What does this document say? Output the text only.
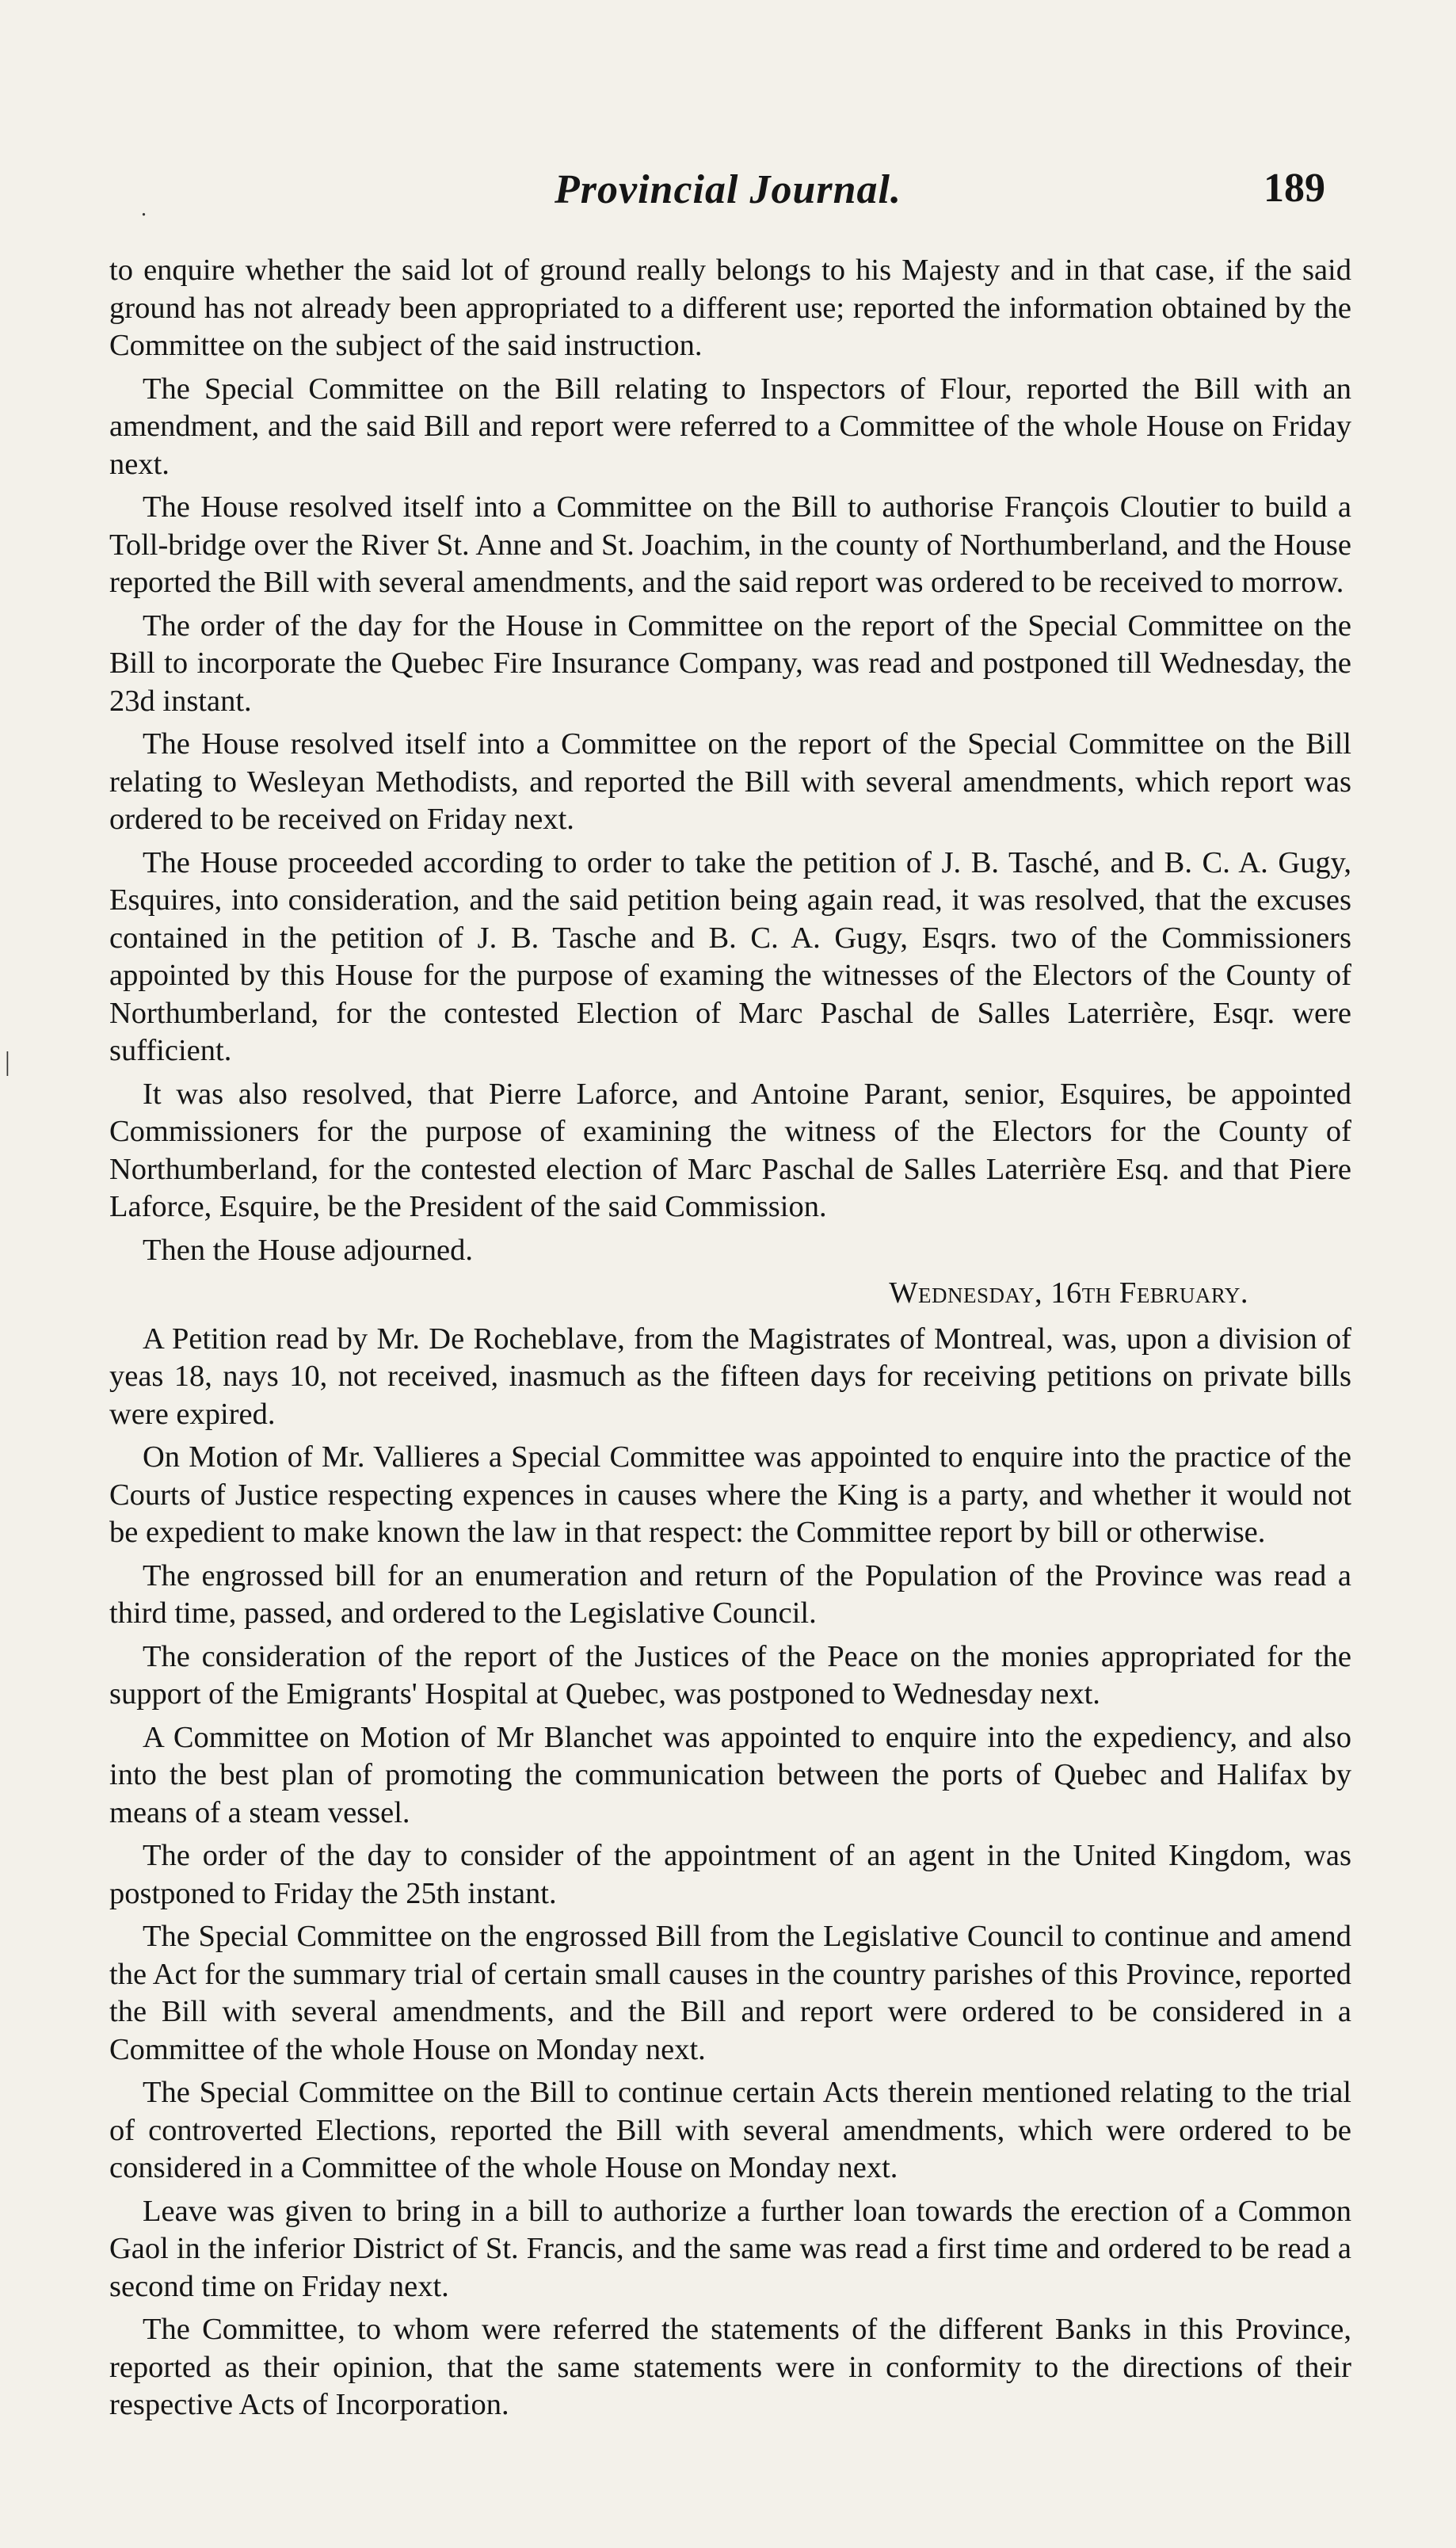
.
|
Provincial Journal.	189

to enquire whether the said lot of ground really belongs to his Majesty and in that case, if the said ground has not already been appropriated to a different use; reported the information obtained by the Committee on the subject of the said instruction.

The Special Committee on the Bill relating to Inspectors of Flour, reported the Bill with an amendment, and the said Bill and report were referred to a Committee of the whole House on Friday next.

The House resolved itself into a Committee on the Bill to authorise François Cloutier to build a Toll-bridge over the River St. Anne and St. Joachim, in the county of Northumberland, and the House reported the Bill with several amendments, and the said report was ordered to be received to morrow.

The order of the day for the House in Committee on the report of the Special Committee on the Bill to incorporate the Quebec Fire Insurance Company, was read and postponed till Wednesday, the 23d instant.

The House resolved itself into a Committee on the report of the Special Committee on the Bill relating to Wesleyan Methodists, and reported the Bill with several amendments, which report was ordered to be received on Friday next.

The House proceeded according to order to take the petition of J. B. Tasché, and B. C. A. Gugy, Esquires, into consideration, and the said petition being again read, it was resolved, that the excuses contained in the petition of J. B. Tasche and B. C. A. Gugy, Esqrs. two of the Commissioners appointed by this House for the purpose of examing the witnesses of the Electors of the County of Northumberland, for the contested Election of Marc Paschal de Salles Laterrière, Esqr. were sufficient.

It was also resolved, that Pierre Laforce, and Antoine Parant, senior, Esquires, be appointed Commissioners for the purpose of examining the witness of the Electors for the County of Northumberland, for the contested election of Marc Paschal de Salles Laterrière Esq. and that Piere Laforce, Esquire, be the President of the said Commission.

Then the House adjourned.

Wednesday, 16th February.

A Petition read by Mr. De Rocheblave, from the Magistrates of Montreal, was, upon a division of yeas 18, nays 10, not received, inasmuch as the fifteen days for receiving petitions on private bills were expired.

On Motion of Mr. Vallieres a Special Committee was appointed to enquire into the practice of the Courts of Justice respecting expences in causes where the King is a party, and whether it would not be expedient to make known the law in that respect: the Committee report by bill or otherwise.

The engrossed bill for an enumeration and return of the Population of the Province was read a third time, passed, and ordered to the Legislative Council.

The consideration of the report of the Justices of the Peace on the monies appropriated for the support of the Emigrants' Hospital at Quebec, was postponed to Wednesday next.

A Committee on Motion of Mr Blanchet was appointed to enquire into the expediency, and also into the best plan of promoting the communication between the ports of Quebec and Halifax by means of a steam vessel.

The order of the day to consider of the appointment of an agent in the United Kingdom, was postponed to Friday the 25th instant.

The Special Committee on the engrossed Bill from the Legislative Council to continue and amend the Act for the summary trial of certain small causes in the country parishes of this Province, reported the Bill with several amendments, and the Bill and report were ordered to be considered in a Committee of the whole House on Monday next.

The Special Committee on the Bill to continue certain Acts therein mentioned relating to the trial of controverted Elections, reported the Bill with several amendments, which were ordered to be considered in a Committee of the whole House on Monday next.

Leave was given to bring in a bill to authorize a further loan towards the erection of a Common Gaol in the inferior District of St. Francis, and the same was read a first time and ordered to be read a second time on Friday next.

The Committee, to whom were referred the statements of the different Banks in this Province, reported as their opinion, that the same statements were in conformity to the directions of their respective Acts of Incorporation.
